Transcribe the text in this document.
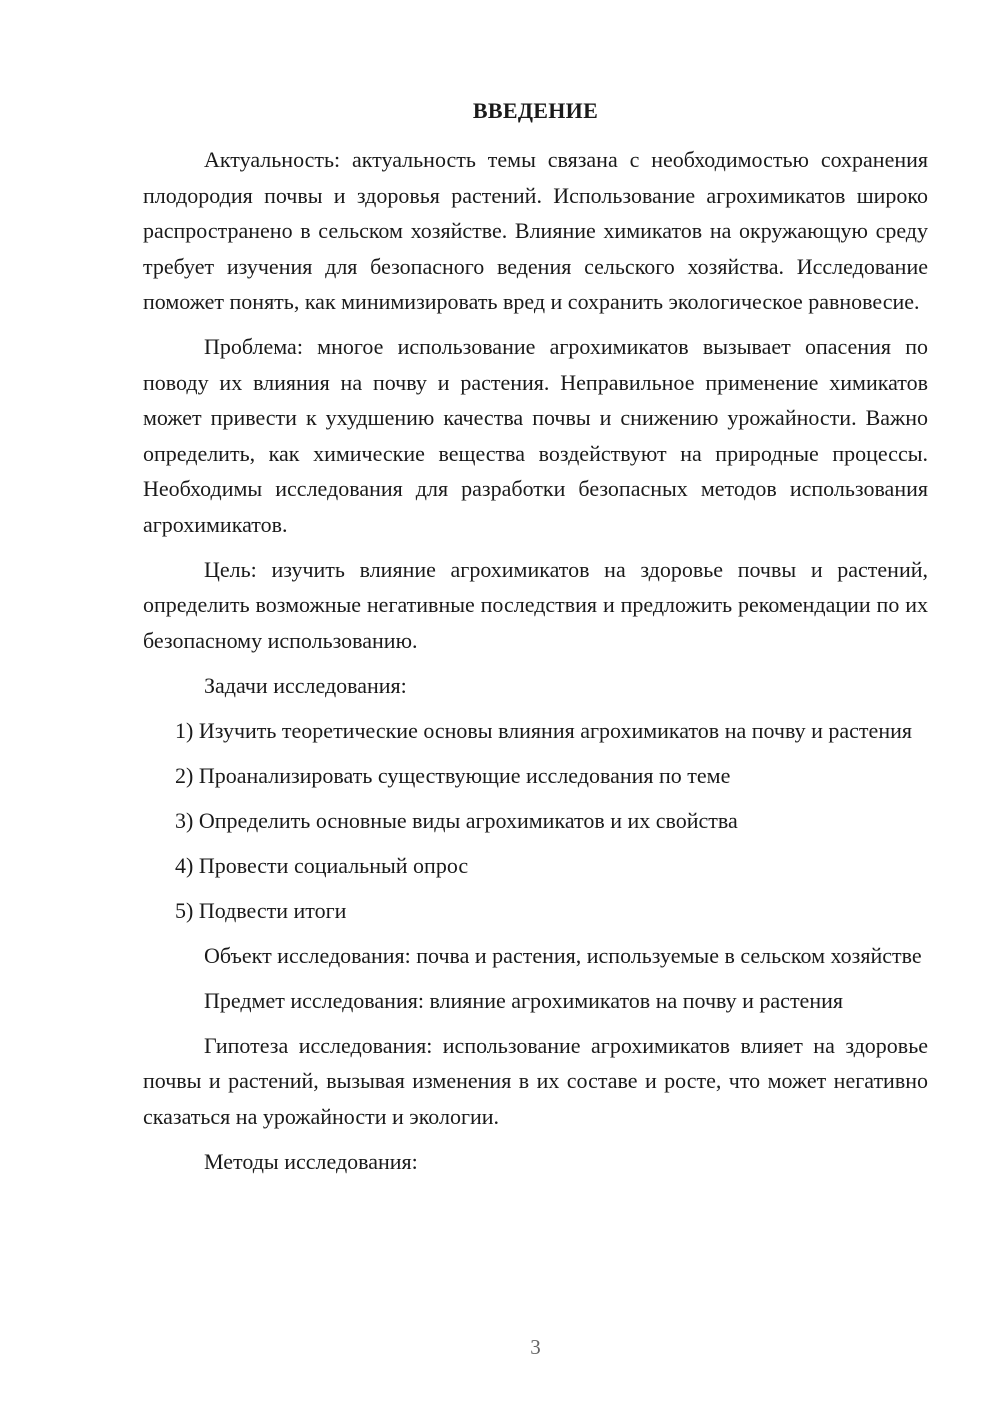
ВВЕДЕНИЕ

Актуальность: актуальность темы связана с необходимостью сохранения плодородия почвы и здоровья растений. Использование агрохимикатов широко распространено в сельском хозяйстве. Влияние химикатов на окружающую среду требует изучения для безопасного ведения сельского хозяйства. Исследование поможет понять, как минимизировать вред и сохранить экологическое равновесие.

Проблема: многое использование агрохимикатов вызывает опасения по поводу их влияния на почву и растения. Неправильное применение химикатов может привести к ухудшению качества почвы и снижению урожайности. Важно определить, как химические вещества воздействуют на природные процессы. Необходимы исследования для разработки безопасных методов использования агрохимикатов.

Цель: изучить влияние агрохимикатов на здоровье почвы и растений, определить возможные негативные последствия и предложить рекомендации по их безопасному использованию.

Задачи исследования:

1) Изучить теоретические основы влияния агрохимикатов на почву и растения

2) Проанализировать существующие исследования по теме

3) Определить основные виды агрохимикатов и их свойства

4) Провести социальный опрос

5) Подвести итоги

Объект исследования: почва и растения, используемые в сельском хозяйстве

Предмет исследования: влияние агрохимикатов на почву и растения

Гипотеза исследования: использование агрохимикатов влияет на здоровье почвы и растений, вызывая изменения в их составе и росте, что может негативно сказаться на урожайности и экологии.

Методы исследования:

3
